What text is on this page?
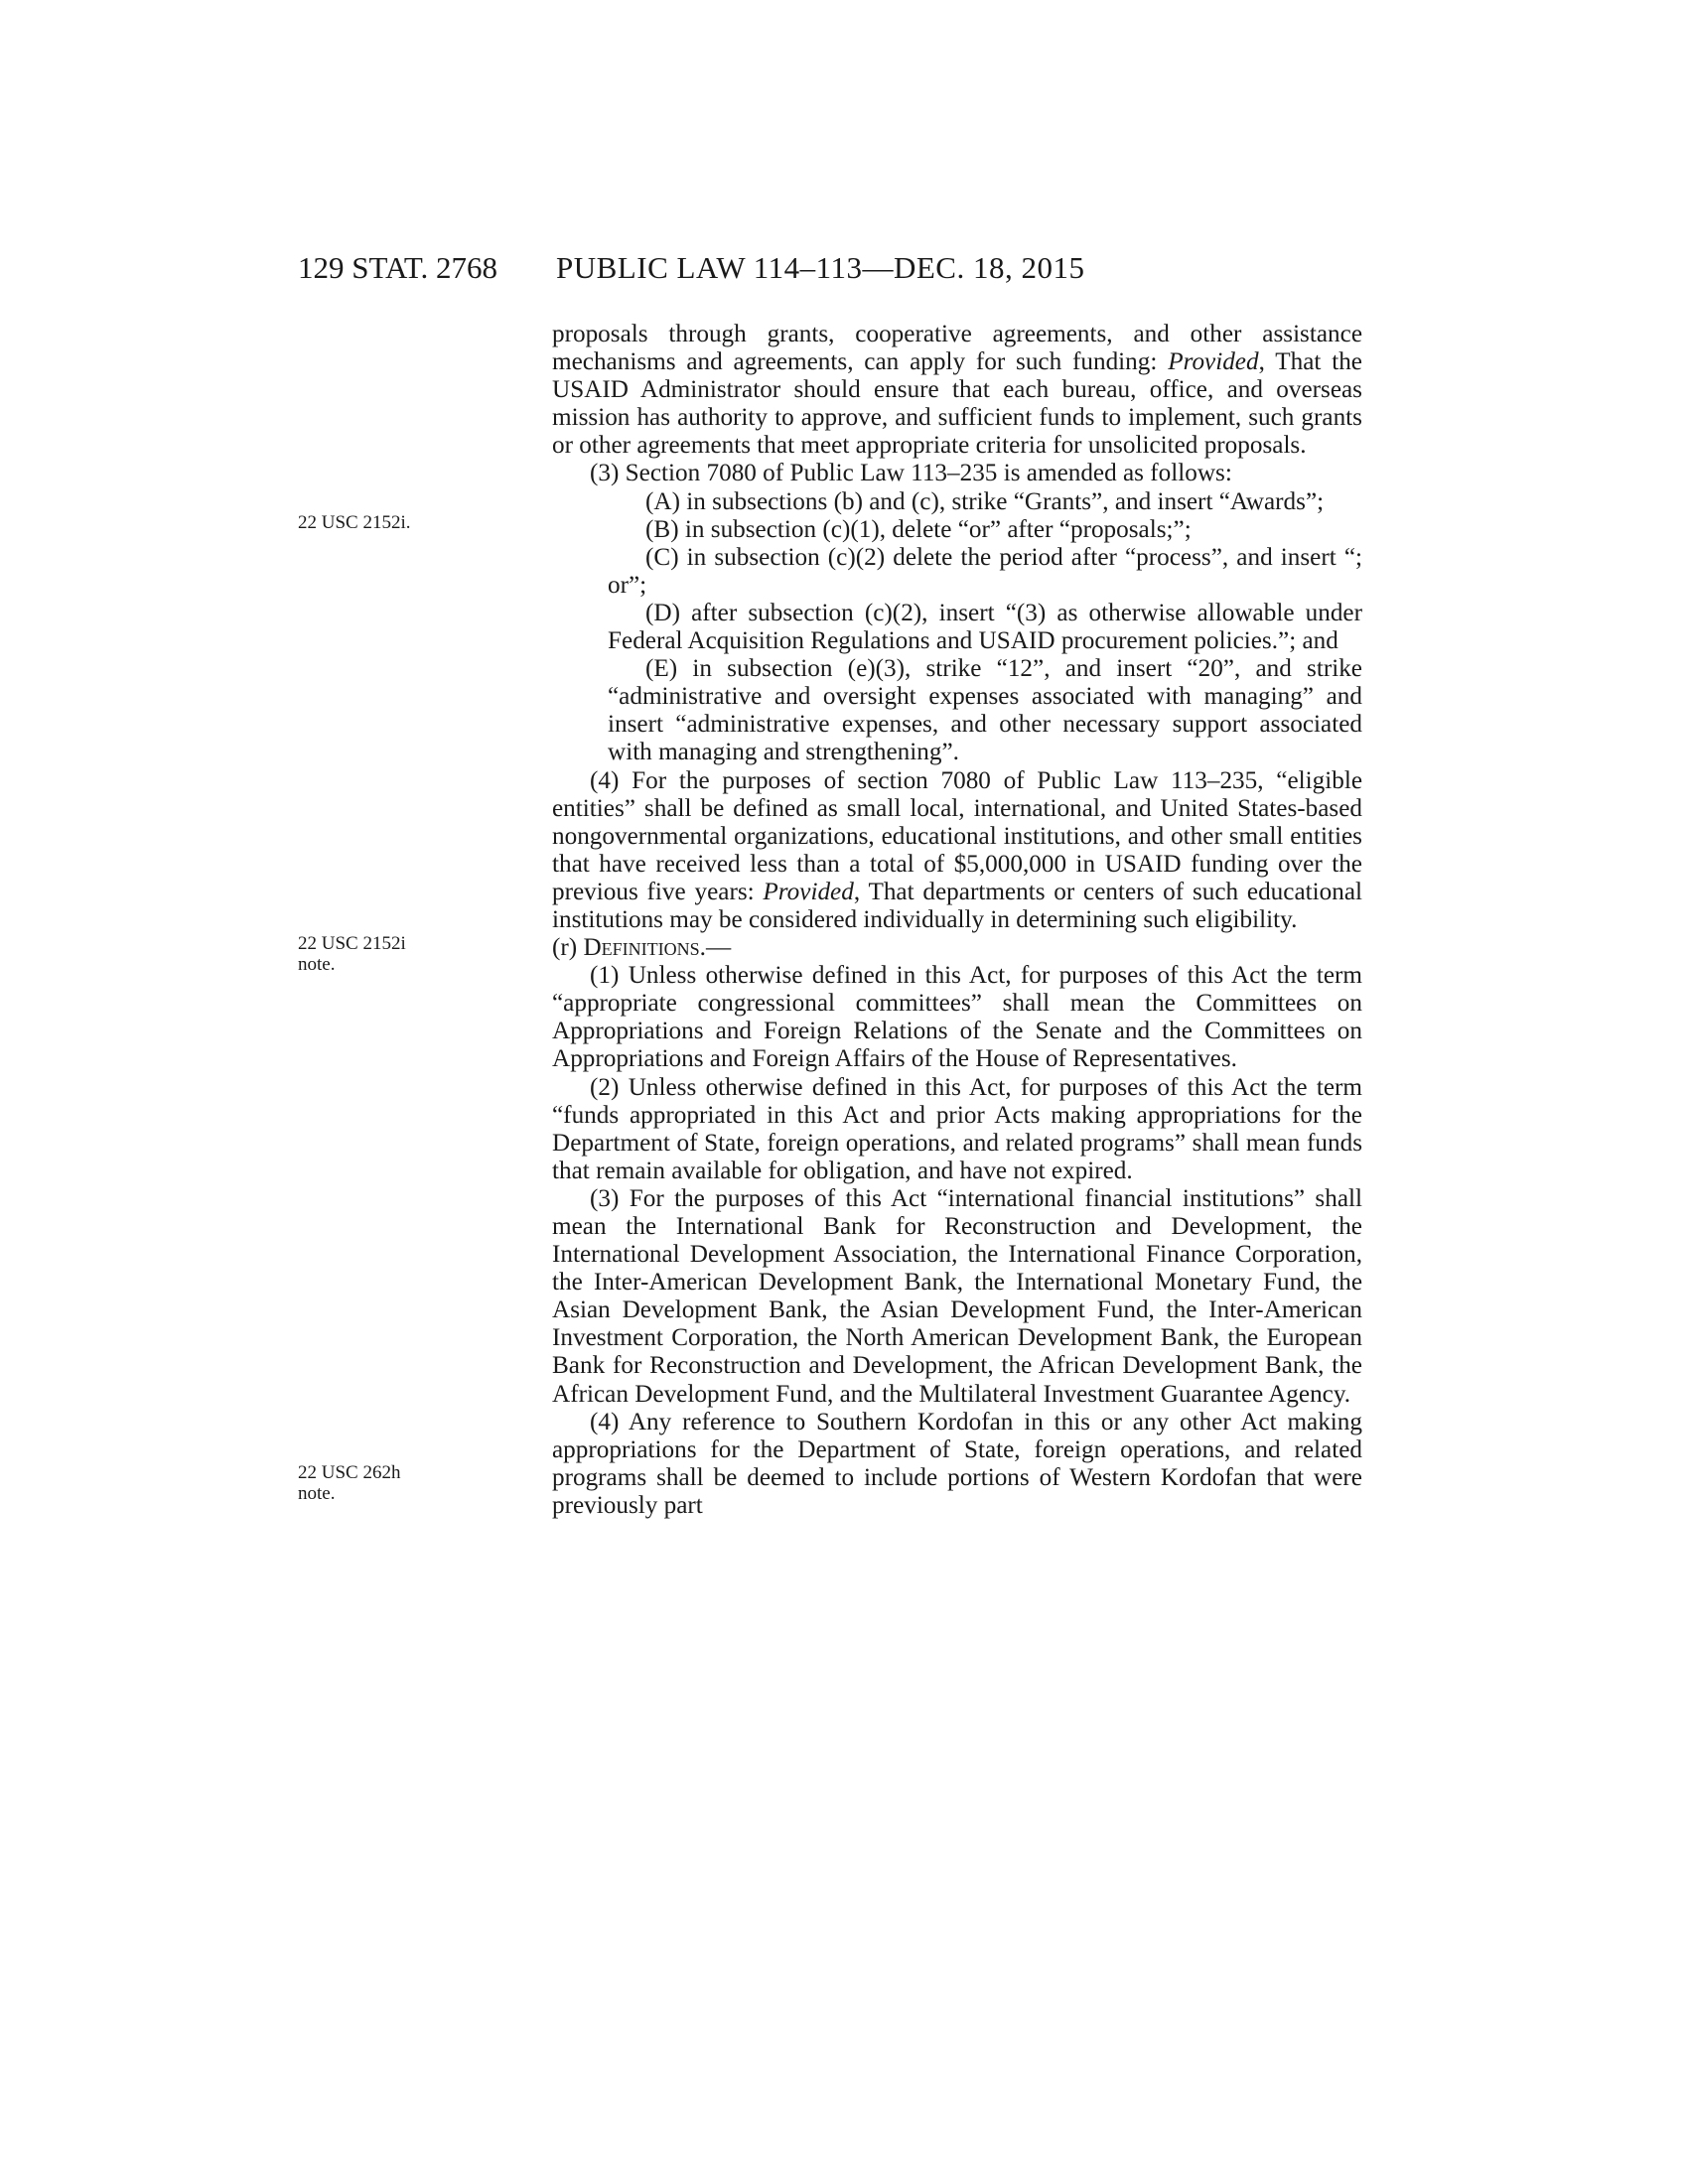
129 STAT. 2768 PUBLIC LAW 114–113—DEC. 18, 2015
22 USC 2152i.
22 USC 2152i
note.
22 USC 262h
note.

proposals through grants, cooperative agreements, and other assistance mechanisms and agreements, can apply for such funding: Provided, That the USAID Administrator should ensure that each bureau, office, and overseas mission has authority to approve, and sufficient funds to implement, such grants or other agreements that meet appropriate criteria for unsolicited proposals.

(3) Section 7080 of Public Law 113–235 is amended as follows:

(A) in subsections (b) and (c), strike “Grants”, and insert “Awards”;

(B) in subsection (c)(1), delete “or” after “proposals;”;

(C) in subsection (c)(2) delete the period after “process”, and insert “; or”;

(D) after subsection (c)(2), insert “(3) as otherwise allowable under Federal Acquisition Regulations and USAID procurement policies.”; and

(E) in subsection (e)(3), strike “12”, and insert “20”, and strike “administrative and oversight expenses associated with managing” and insert “administrative expenses, and other necessary support associated with managing and strengthening”.

(4) For the purposes of section 7080 of Public Law 113–235, “eligible entities” shall be defined as small local, international, and United States-based nongovernmental organizations, educational institutions, and other small entities that have received less than a total of $5,000,000 in USAID funding over the previous five years: Provided, That departments or centers of such educational institutions may be considered individually in determining such eligibility.

(r) Definitions.—

(1) Unless otherwise defined in this Act, for purposes of this Act the term “appropriate congressional committees” shall mean the Committees on Appropriations and Foreign Relations of the Senate and the Committees on Appropriations and Foreign Affairs of the House of Representatives.

(2) Unless otherwise defined in this Act, for purposes of this Act the term “funds appropriated in this Act and prior Acts making appropriations for the Department of State, foreign operations, and related programs” shall mean funds that remain available for obligation, and have not expired.

(3) For the purposes of this Act “international financial institutions” shall mean the International Bank for Reconstruction and Development, the International Development Association, the International Finance Corporation, the Inter-American Development Bank, the International Monetary Fund, the Asian Development Bank, the Asian Development Fund, the Inter-American Investment Corporation, the North American Development Bank, the European Bank for Reconstruction and Development, the African Development Bank, the African Development Fund, and the Multilateral Investment Guarantee Agency.

(4) Any reference to Southern Kordofan in this or any other Act making appropriations for the Department of State, foreign operations, and related programs shall be deemed to include portions of Western Kordofan that were previously part
